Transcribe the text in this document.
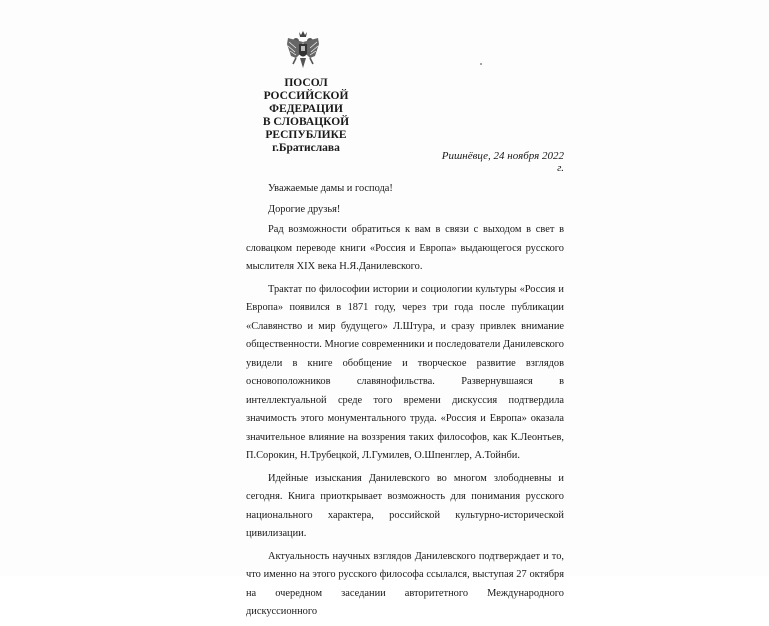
ПОСОЛ
РОССИЙСКОЙ ФЕДЕРАЦИИ
В СЛОВАЦКОЙ РЕСПУБЛИКЕ
г.Братислава
Ришнёвце, 24 ноября 2022 г.

Уважаемые дамы и господа!

Дорогие друзья!

Рад возможности обратиться к вам в связи с выходом в свет в словацком переводе книги «Россия и Европа» выдающегося русского мыслителя XIX века Н.Я.Данилевского.

Трактат по философии истории и социологии культуры «Россия и Европа» появился в 1871 году, через три года после публикации «Славянство и мир будущего» Л.Штура, и сразу привлек внимание общественности. Многие современники и последователи Данилевского увидели в книге обобщение и творческое развитие взглядов основоположников славянофильства. Развернувшаяся в интеллектуальной среде того времени дискуссия подтвердила значимость этого монументального труда. «Россия и Европа» оказала значительное влияние на воззрения таких философов, как К.Леонтьев, П.Сорокин, Н.Трубецкой, Л.Гумилев, О.Шпенглер, А.Тойнби.

Идейные изыскания Данилевского во многом злободневны и сегодня. Книга приоткрывает возможность для понимания русского национального характера, российской культурно-исторической цивилизации.

Актуальность научных взглядов Данилевского подтверждает и то, что именно на этого русского философа ссылался, выступая 27 октября на очередном заседании авторитетного Международного дискуссионного
